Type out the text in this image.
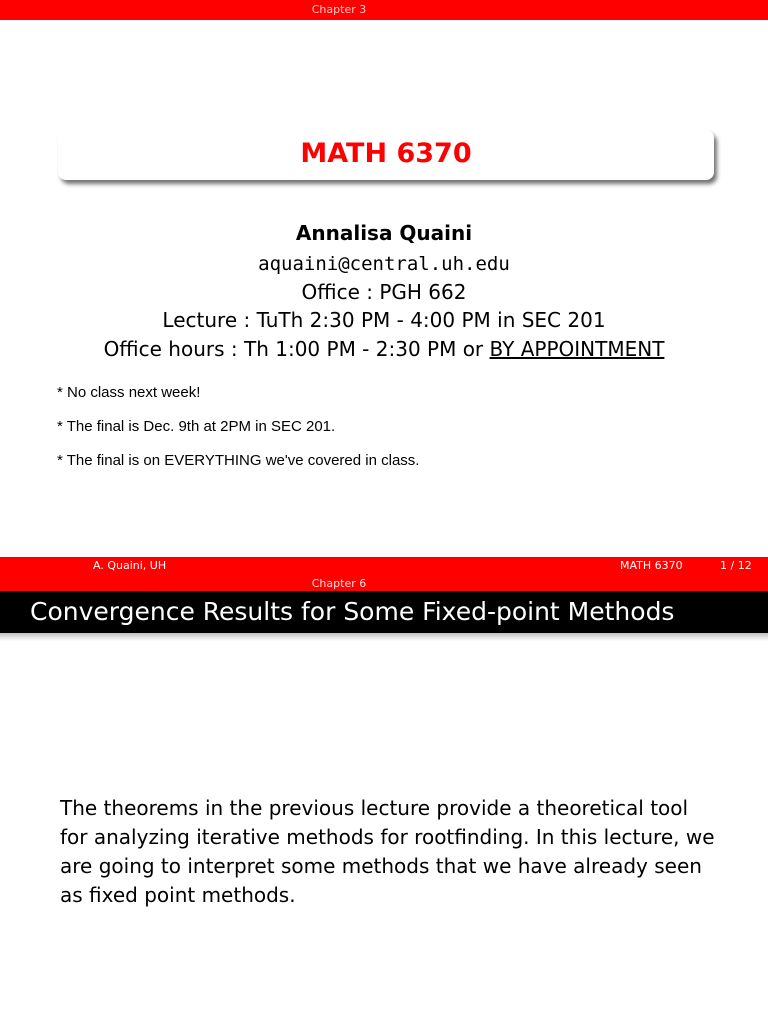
Chapter 3
MATH 6370
Annalisa Quaini
aquaini@central.uh.edu
Office : PGH 662
Lecture : TuTh 2:30 PM - 4:00 PM in SEC 201
Office hours : Th 1:00 PM - 2:30 PM or BY APPOINTMENT
* No class next week!
* The final is Dec. 9th at 2PM in SEC 201.
* The final is on EVERYTHING we've covered in class.
A. Quaini, UH	MATH 6370	1 / 12
Chapter 6
Convergence Results for Some Fixed-point Methods
The theorems in the previous lecture provide a theoretical tool for analyzing iterative methods for rootfinding. In this lecture, we are going to interpret some methods that we have already seen as fixed point methods.
